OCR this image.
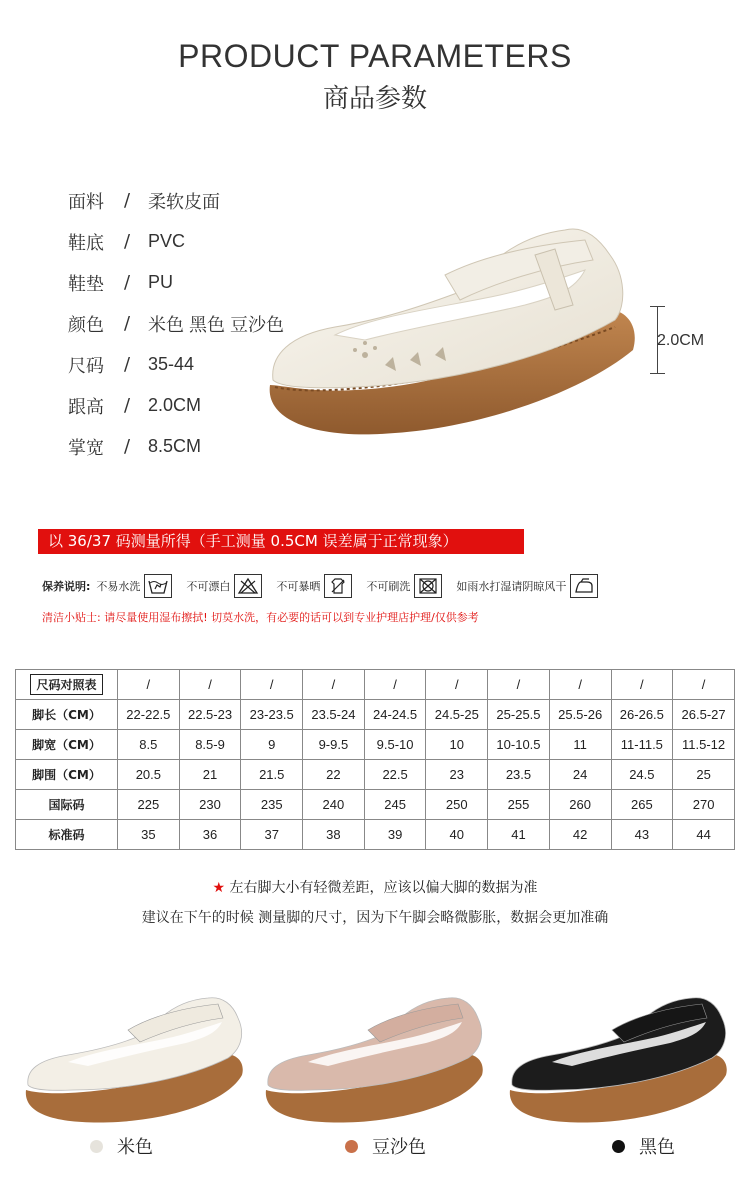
PRODUCT PARAMETERS
商品参数
面料	/ 柔软皮面
鞋底	/ PVC
鞋垫	/ PU
颜色	/ 米色 黑色 豆沙色
尺码	/ 35-44
跟高	/ 2.0CM
掌宽	/ 8.5CM
2.0CM
以 36/37 码测量所得（手工测量 0.5CM 误差属于正常现象）
保养说明: 不易水洗	不可漂白	不可暴晒	不可刷洗	如雨水打湿请阴晾风干
清洁小贴士: 请尽量使用湿布擦拭! 切莫水洗，有必要的话可以到专业护理店护理/仅供参考
尺码对照表	/	/	/	/	/	/	/	/	/	/
脚长（CM）	22-22.5	22.5-23	23-23.5	23.5-24	24-24.5	24.5-25	25-25.5	25.5-26	26-26.5	26.5-27
脚宽（CM）	8.5	8.5-9	9	9-9.5	9.5-10	10	10-10.5	11	11-11.5	11.5-12
脚围（CM）	20.5	21	21.5	22	22.5	23	23.5	24	24.5	25
国际码	225	230	235	240	245	250	255	260	265	270
标准码	35	36	37	38	39	40	41	42	43	44
★ 左右脚大小有轻微差距，应该以偏大脚的数据为准
建议在下午的时候 测量脚的尺寸，因为下午脚会略微膨胀，数据会更加准确
米色	豆沙色	黑色
